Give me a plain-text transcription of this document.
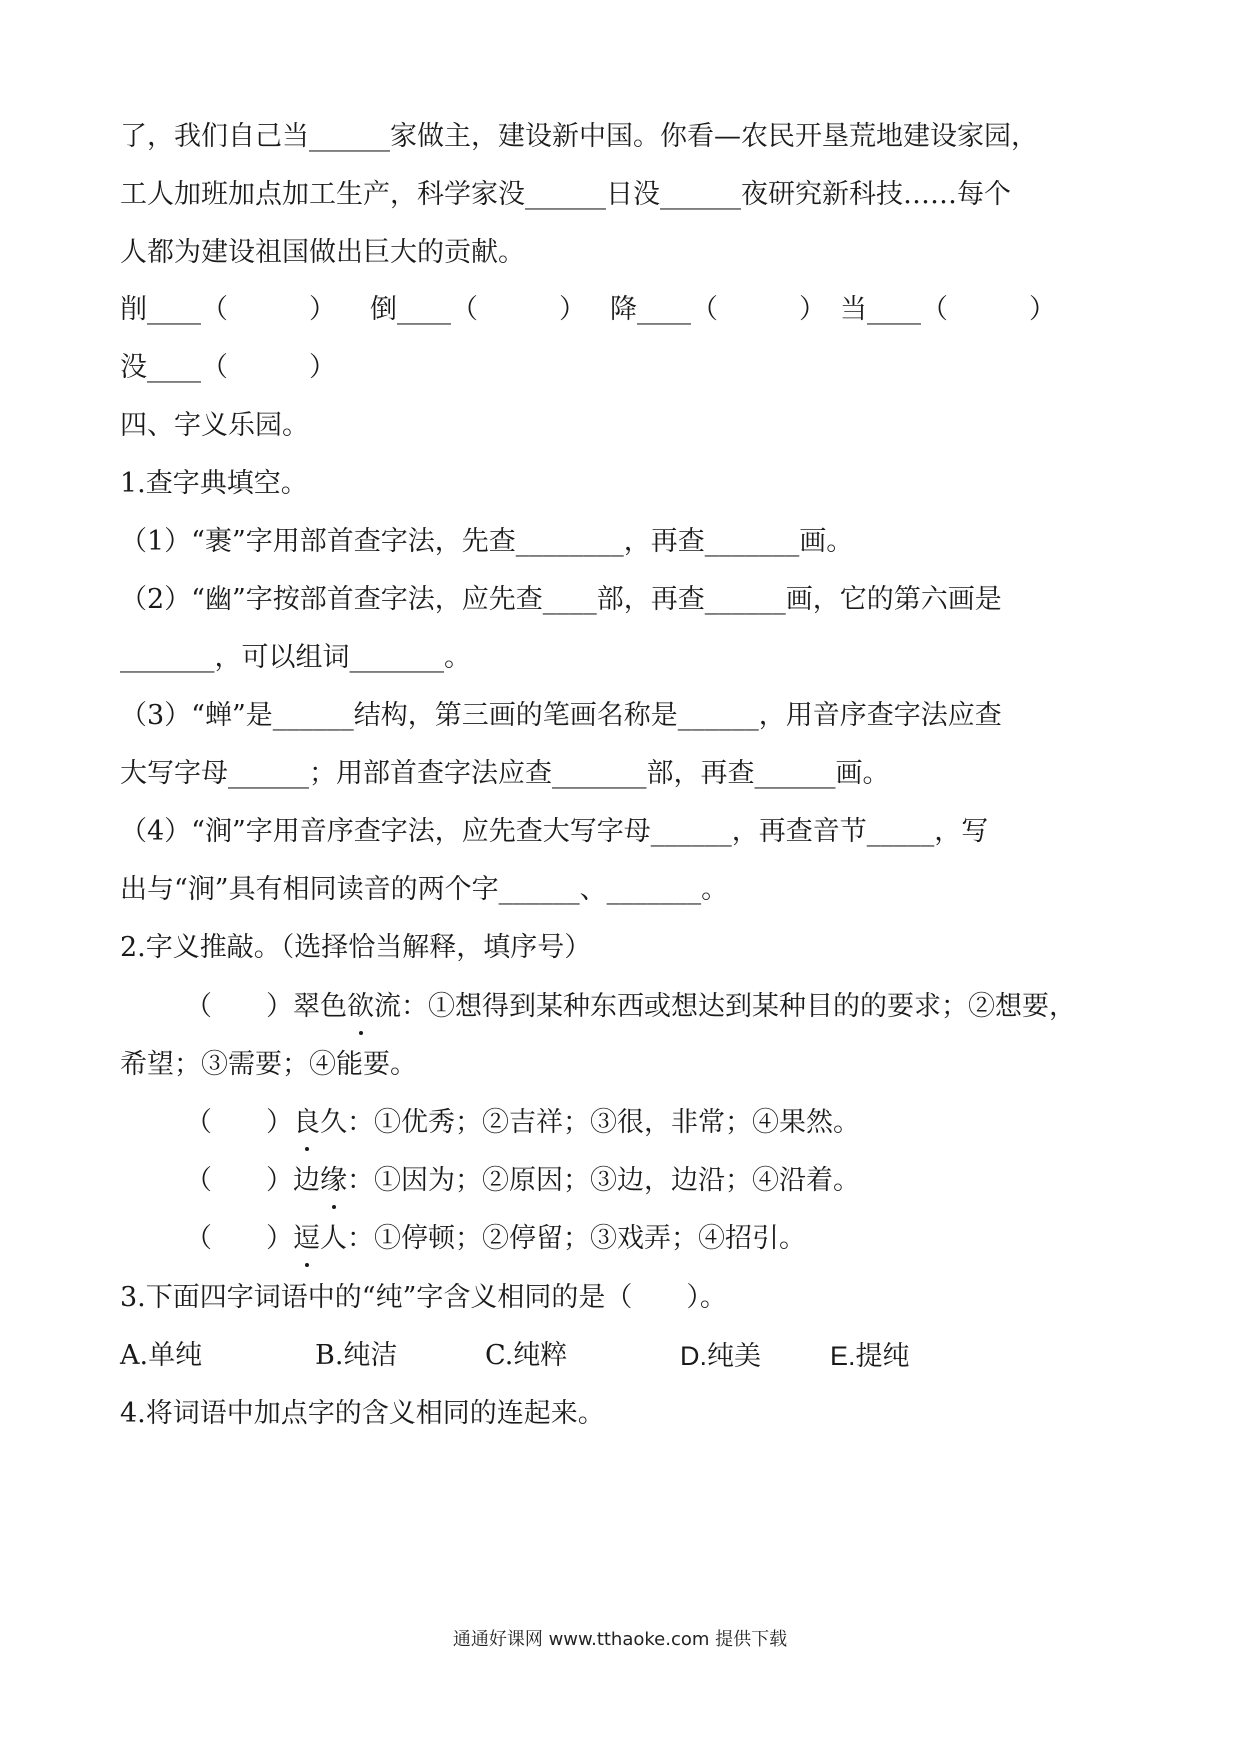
了，我们自己当______家做主，建设新中国。你看—农民开垦荒地建设家园，
工人加班加点加工生产，科学家没______日没______夜研究新科技……每个
人都为建设祖国做出巨大的贡献。
削____（　　　） 倒____（　　　） 降____（　　　） 当____（　　　）
没____（　　　）
四、字义乐园。
1.查字典填空。
（1）“裹”字用部首查字法，先查________，再查_______画。
（2）“幽”字按部首查字法，应先查____部，再查______画，它的第六画是
_______，可以组词_______。
（3）“蝉”是______结构，第三画的笔画名称是______，用音序查字法应查
大写字母______；用部首查字法应查_______部，再查______画。
（4）“涧”字用音序查字法，应先查大写字母______，再查音节_____，写
出与“涧”具有相同读音的两个字______、_______。
2.字义推敲。（选择恰当解释，填序号）
（　　）翠色欲流：①想得到某种东西或想达到某种目的的要求；②想要，
希望；③需要；④能要。
（　　）良久：①优秀；②吉祥；③很，非常；④果然。
（　　）边缘：①因为；②原因；③边，边沿；④沿着。
（　　）逗人：①停顿；②停留；③戏弄；④招引。
3.下面四字词语中的“纯”字含义相同的是（　　）。
A.单纯	B.纯洁	C.纯粹	D.纯美	E.提纯
4.将词语中加点字的含义相同的连起来。
通通好课网 www.tthaoke.com 提供下载
